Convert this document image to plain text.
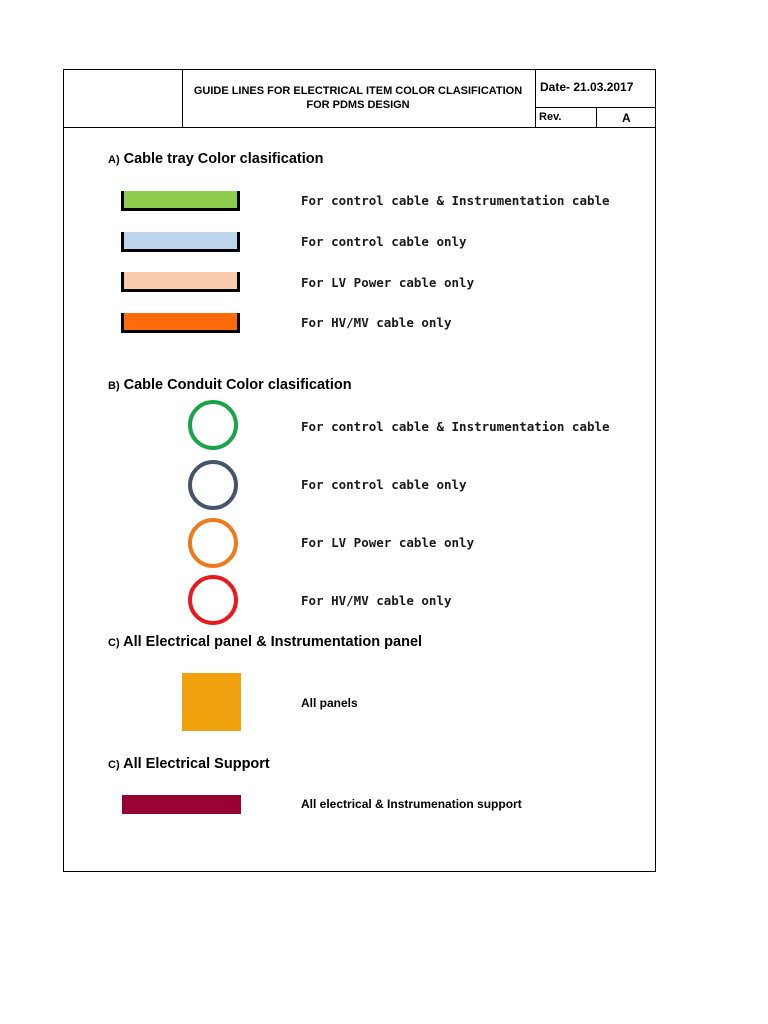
GUIDE LINES FOR ELECTRICAL ITEM COLOR CLASIFICATION
FOR PDMS DESIGN
Date- 21.03.2017
Rev.	A
A) Cable tray Color clasification
For control cable & Instrumentation cable
For control cable only
For LV Power cable only
For HV/MV cable only
B) Cable Conduit Color clasification
For control cable & Instrumentation cable
For control cable only
For LV Power cable only
For HV/MV cable only
C) All Electrical panel & Instrumentation panel
All panels
C) All Electrical Support
All electrical & Instrumenation support
